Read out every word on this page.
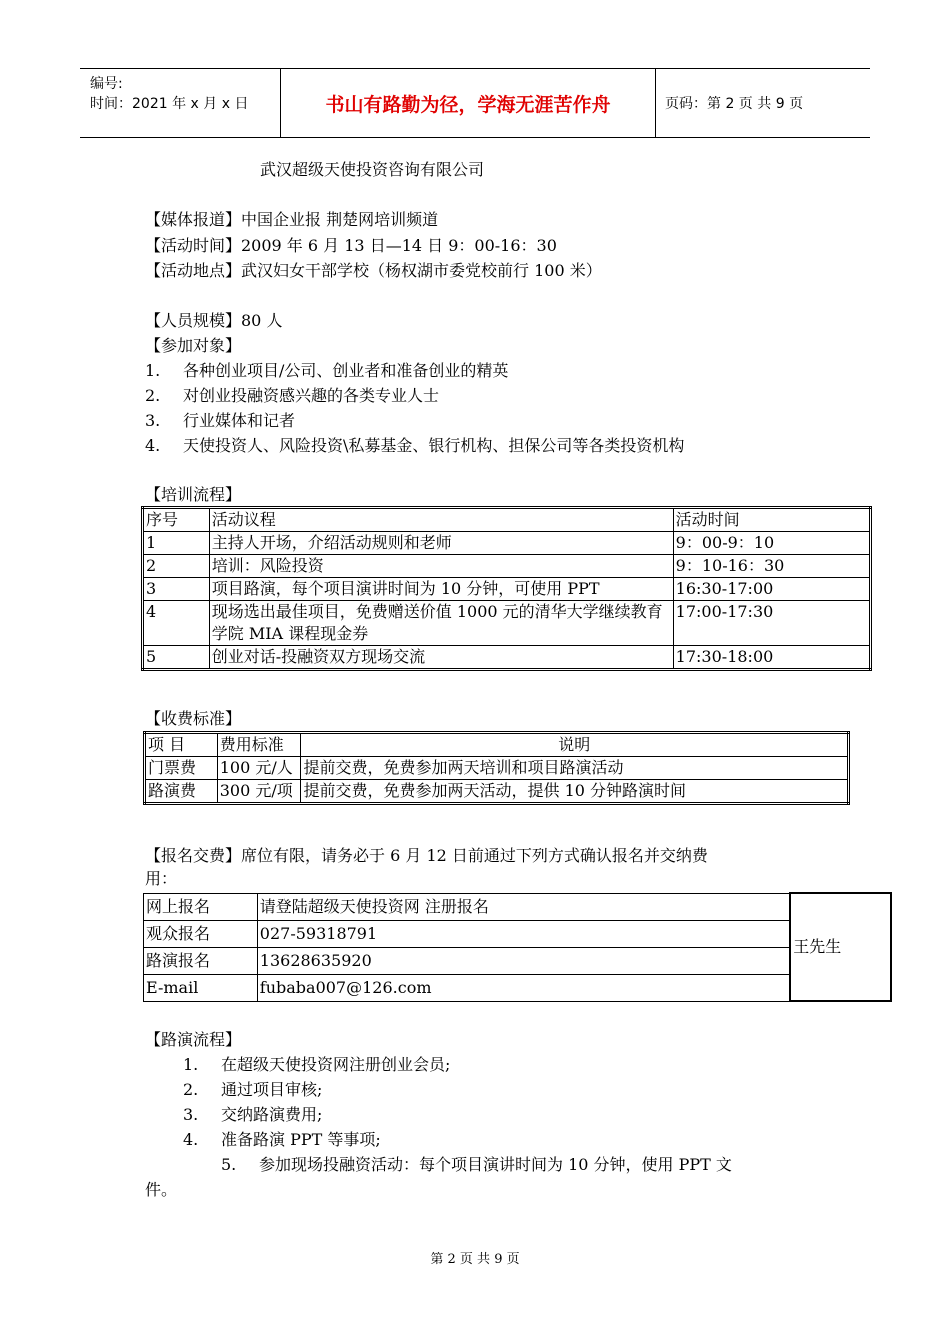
编号:
时间：2021 年 x 月 x 日	书山有路勤为径，学海无涯苦作舟	页码：第 2 页 共 9 页
武汉超级天使投资咨询有限公司
【媒体报道】中国企业报 荆楚网培训频道
【活动时间】2009 年 6 月 13 日—14 日 9：00-16：30
【活动地点】武汉妇女干部学校（杨权湖市委党校前行 100 米）
【人员规模】80 人
【参加对象】
1. 各种创业项目/公司、创业者和准备创业的精英
2. 对创业投融资感兴趣的各类专业人士
3. 行业媒体和记者
4. 天使投资人、风险投资\私募基金、银行机构、担保公司等各类投资机构
【培训流程】
序号	活动议程	活动时间
1	主持人开场，介绍活动规则和老师	9：00-9：10
2	培训：风险投资	9：10-16：30
3	项目路演，每个项目演讲时间为 10 分钟，可使用 PPT	16:30-17:00
4	现场选出最佳项目，免费赠送价值 1000 元的清华大学继续教育学院 MIA 课程现金券	17:00-17:30
5	创业对话-投融资双方现场交流	17:30-18:00
【收费标准】
项 目	费用标准	说明
门票费	100 元/人	提前交费，免费参加两天培训和项目路演活动
路演费	300 元/项	提前交费，免费参加两天活动，提供 10 分钟路演时间
【报名交费】席位有限，请务必于 6 月 12 日前通过下列方式确认报名并交纳费
用：
网上报名	请登陆超级天使投资网 注册报名	王先生
观众报名	027-59318791	
路演报名	13628635920	
E-mail	fubaba007@126.com	
【路演流程】
1. 在超级天使投资网注册创业会员;
2. 通过项目审核;
3. 交纳路演费用;
4. 准备路演 PPT 等事项;
5. 参加现场投融资活动：每个项目演讲时间为 10 分钟，使用 PPT 文
件。
第 2 页 共 9 页
